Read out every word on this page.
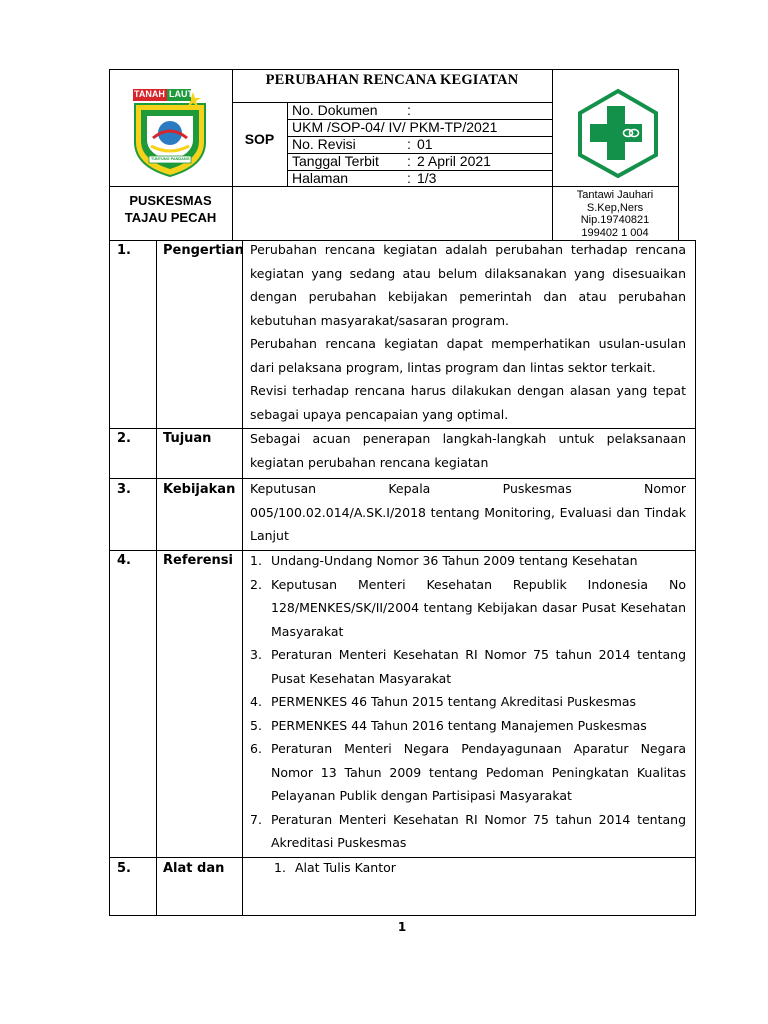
TANAH LAUT
TUNTUNG PANDANG
PERUBAHAN RENCANA KEGIATAN
SOP
No. Dokumen :
UKM /SOP-04/ IV/ PKM-TP/2021
No. Revisi	: 01
Tanggal Terbit : 2 April 2021
Halaman	: 1/3
PUSKESMAS
TAJAU PECAH
Tantawi Jauhari
S.Kep,Ners
Nip.19740821
199402 1 004
1. Pengertian Perubahan rencana kegiatan adalah perubahan terhadap rencana kegiatan yang sedang atau belum dilaksanakan yang disesuaikan dengan perubahan kebijakan pemerintah dan atau perubahan kebutuhan masyarakat/sasaran program.

Perubahan rencana kegiatan dapat memperhatikan usulan-usulan dari pelaksana program, lintas program dan lintas sektor terkait.

Revisi terhadap rencana harus dilakukan dengan alasan yang tepat sebagai upaya pencapaian yang optimal.

2. Tujuan	Sebagai acuan penerapan langkah-langkah untuk pelaksanaan kegiatan perubahan rencana kegiatan

3. Kebijakan Keputusan Kepala Puskesmas Nomor

005/100.02.014/A.SK.I/2018 tentang Monitoring, Evaluasi dan Tindak Lanjut

4. Referensi 1. Undang-Undang Nomor 36 Tahun 2009 tentang Kesehatan
2. Keputusan Menteri Kesehatan Republik Indonesia No 128/MENKES/SK/II/2004 tentang Kebijakan dasar Pusat Kesehatan Masyarakat
3. Peraturan Menteri Kesehatan RI Nomor 75 tahun 2014 tentang Pusat Kesehatan Masyarakat
4. PERMENKES 46 Tahun 2015 tentang Akreditasi Puskesmas
5. PERMENKES 44 Tahun 2016 tentang Manajemen Puskesmas
6. Peraturan Menteri Negara Pendayagunaan Aparatur Negara Nomor 13 Tahun 2009 tentang Pedoman Peningkatan Kualitas Pelayanan Publik dengan Partisipasi Masyarakat
7. Peraturan Menteri Kesehatan RI Nomor 75 tahun 2014 tentang Akreditasi Puskesmas
5. Alat dan	1. Alat Tulis Kantor
1
